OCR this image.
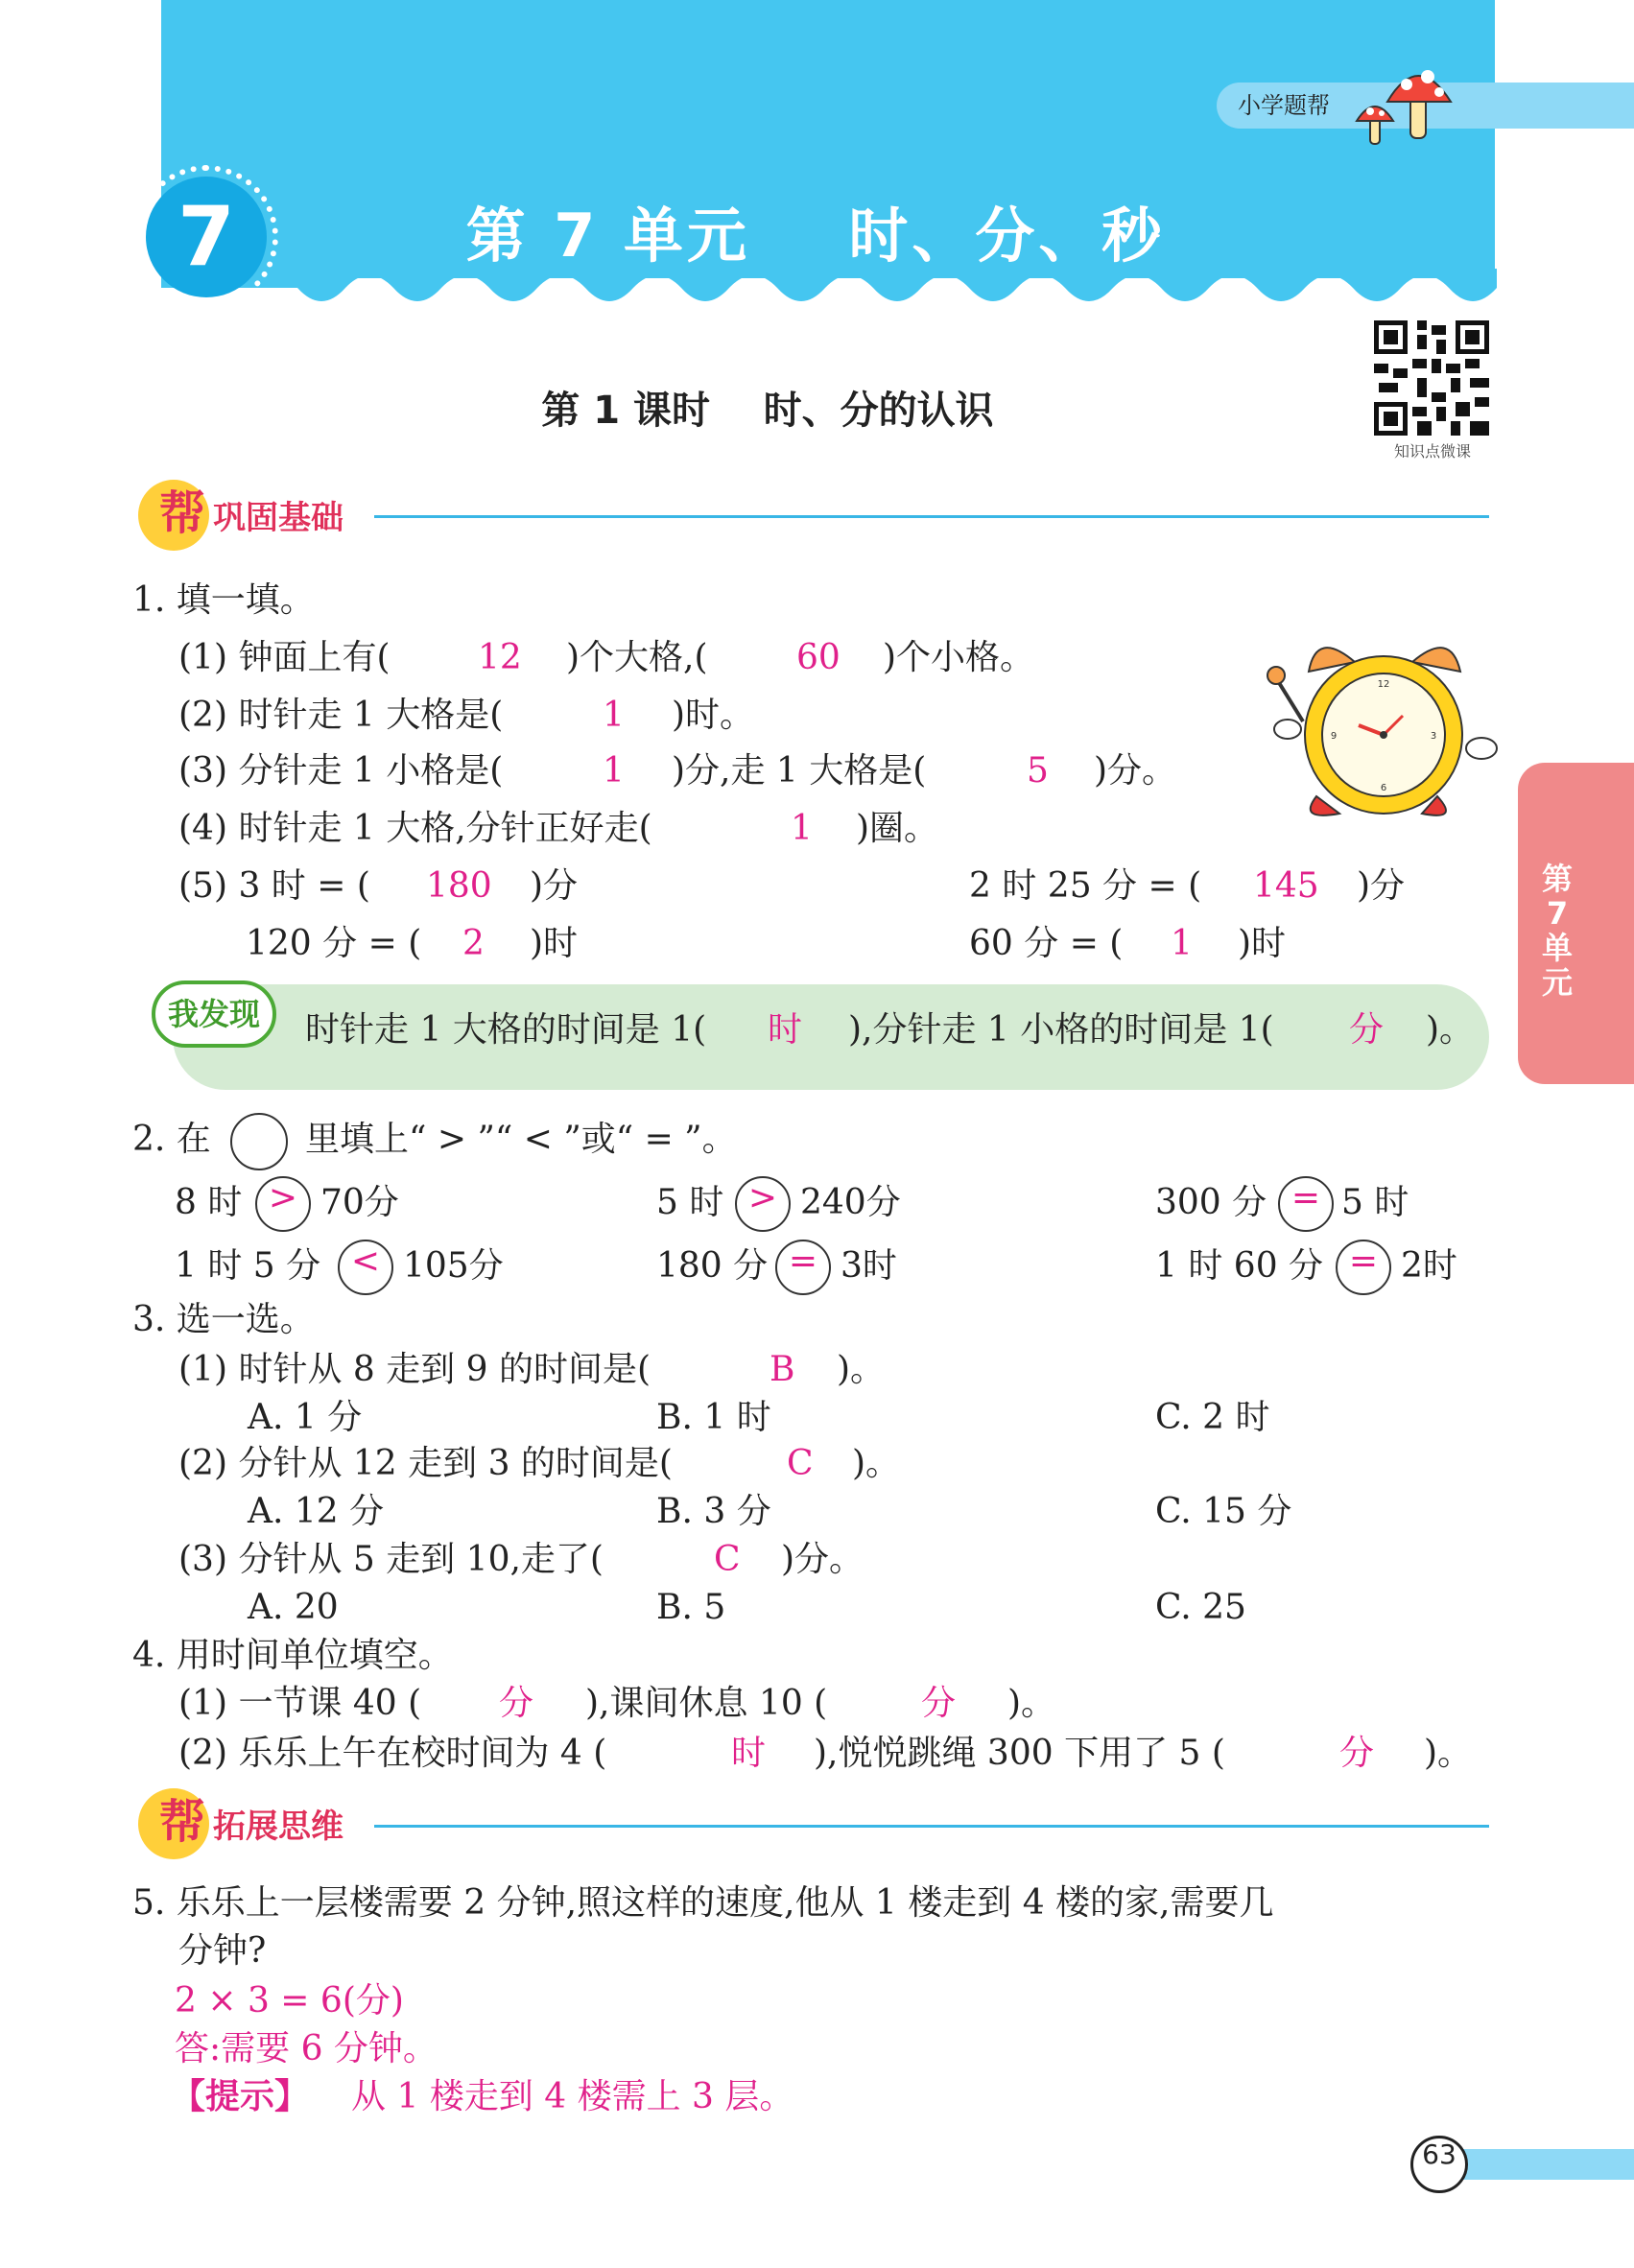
小学题帮
7	第 7 单元    时、分、秒
知识点微课
第 1 课时    时、分的认识
帮 巩固基础
1. 填一填。
(1) 钟面上有(	12 )个大格,(	60 )个小格。
(2) 时针走 1 大格是(	1 )时。
(3) 分针走 1 小格是(	1 )分,走 1 大格是(	5 )分。
(4) 时针走 1 大格,分针正好走(	1 )圈。
(5) 3 时 = ( 180 )分	2 时 25 分 = ( 145 )分
120 分 = ( 2 )时	60 分 = ( 1 )时
12
3
6
9
我发现	时针走 1 大格的时间是 1( 时 ),分针走 1 小格的时间是 1( 分 )。
2. 在	里填上“ > ”“ < ”或“ = ”。
8 时 > 70分	5 时 > 240分	300 分 = 5 时
1 时 5 分 < 105分	180 分 = 3时	1 时 60 分 = 2时
3. 选一选。
(1) 时针从 8 走到 9 的时间是(	B )。
A. 1 分	B. 1 时	C. 2 时
(2) 分针从 12 走到 3 的时间是(	C )。
A. 12 分	B. 3 分	C. 15 分
(3) 分针从 5 走到 10,走了(	C )分。
A. 20	B. 5	C. 25
4. 用时间单位填空。
(1) 一节课 40 ( 分 ),课间休息 10 (	分 )。
(2) 乐乐上午在校时间为 4 (	时 ),悦悦跳绳 300 下用了 5 (	分 )。
帮 拓展思维
5. 乐乐上一层楼需要 2 分钟,照这样的速度,他从 1 楼走到 4 楼的家,需要几
分钟?
2 × 3 = 6(分)
答:需要 6 分钟。
【提示】 从 1 楼走到 4 楼需上 3 层。
第7单元
63
